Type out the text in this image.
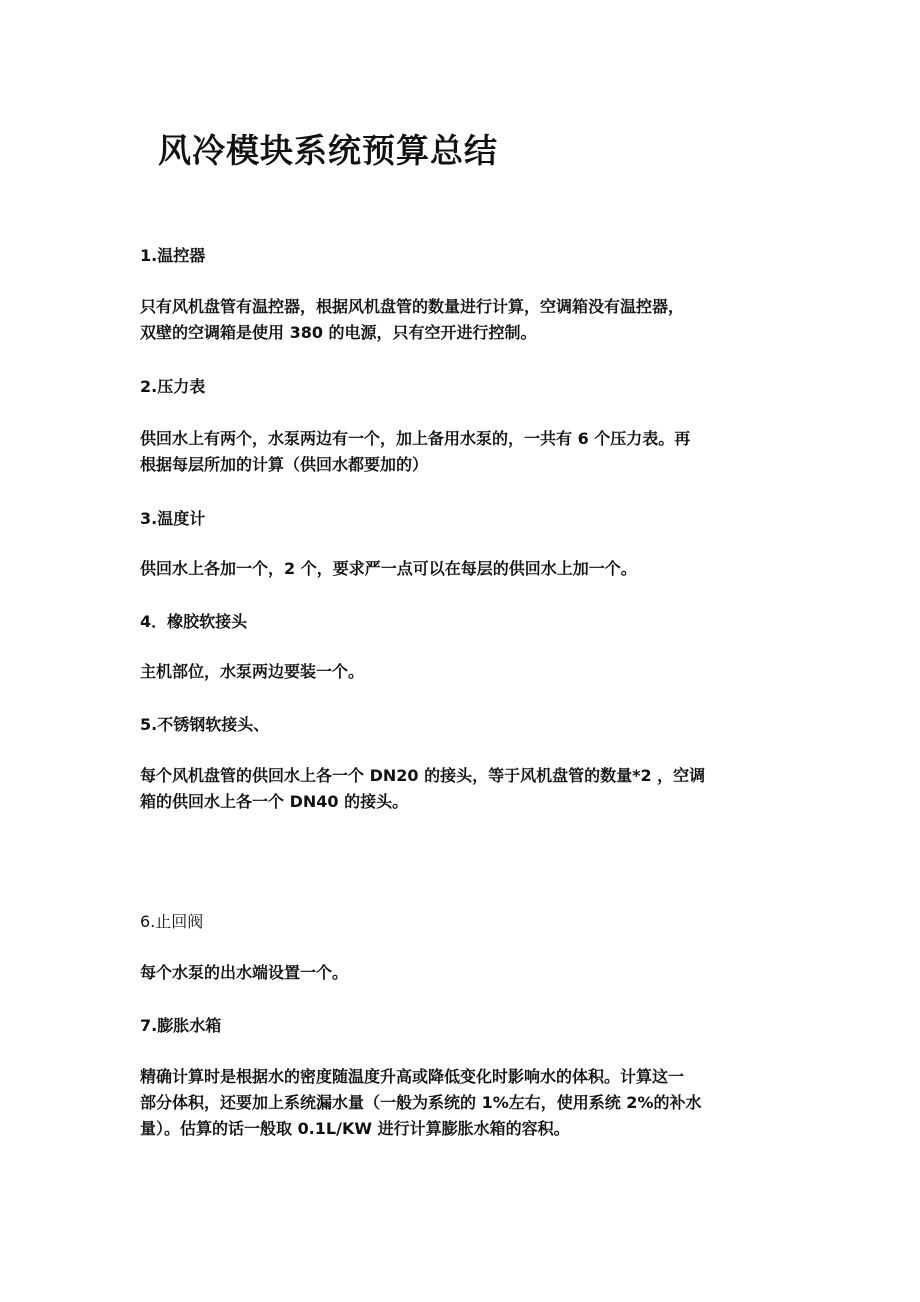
风冷模块系统预算总结
1.温控器
只有风机盘管有温控器，根据风机盘管的数量进行计算，空调箱没有温控器，
双壁的空调箱是使用 380 的电源，只有空开进行控制。
2.压力表
供回水上有两个，水泵两边有一个，加上备用水泵的，一共有 6 个压力表。再
根据每层所加的计算（供回水都要加的）
3.温度计
供回水上各加一个，2 个，要求严一点可以在每层的供回水上加一个。
4．橡胶软接头
主机部位，水泵两边要装一个。
5.不锈钢软接头、
每个风机盘管的供回水上各一个 DN20 的接头，等于风机盘管的数量*2 ，空调
箱的供回水上各一个 DN40 的接头。
6.止回阀
每个水泵的出水端设置一个。
7.膨胀水箱
精确计算时是根据水的密度随温度升高或降低变化时影响水的体积。计算这一
部分体积，还要加上系统漏水量（一般为系统的 1%左右，使用系统 2%的补水
量）。估算的话一般取 0.1L/KW 进行计算膨胀水箱的容积。
